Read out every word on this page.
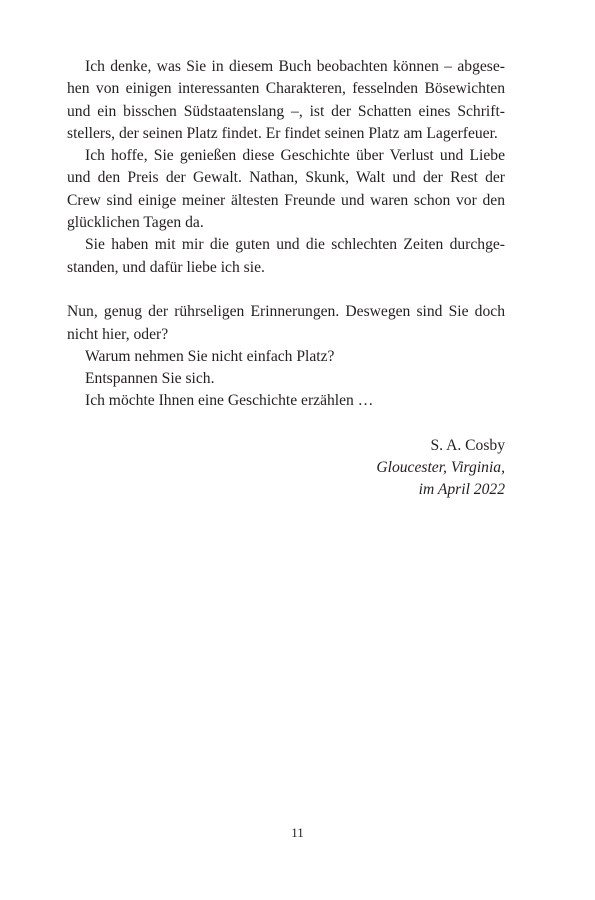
Ich denke, was Sie in diesem Buch beobachten können – abgesehen von einigen interessanten Charakteren, fesselnden Bösewichten und ein bisschen Südstaatenslang –, ist der Schatten eines Schriftstellers, der seinen Platz findet. Er findet seinen Platz am Lagerfeuer.

Ich hoffe, Sie genießen diese Geschichte über Verlust und Liebe und den Preis der Gewalt. Nathan, Skunk, Walt und der Rest der Crew sind einige meiner ältesten Freunde und waren schon vor den glücklichen Tagen da.

Sie haben mit mir die guten und die schlechten Zeiten durchgestanden, und dafür liebe ich sie.

Nun, genug der rührseligen Erinnerungen. Deswegen sind Sie doch nicht hier, oder?

Warum nehmen Sie nicht einfach Platz?

Entspannen Sie sich.

Ich möchte Ihnen eine Geschichte erzählen …

S. A. Cosby
Gloucester, Virginia,
im April 2022
11
